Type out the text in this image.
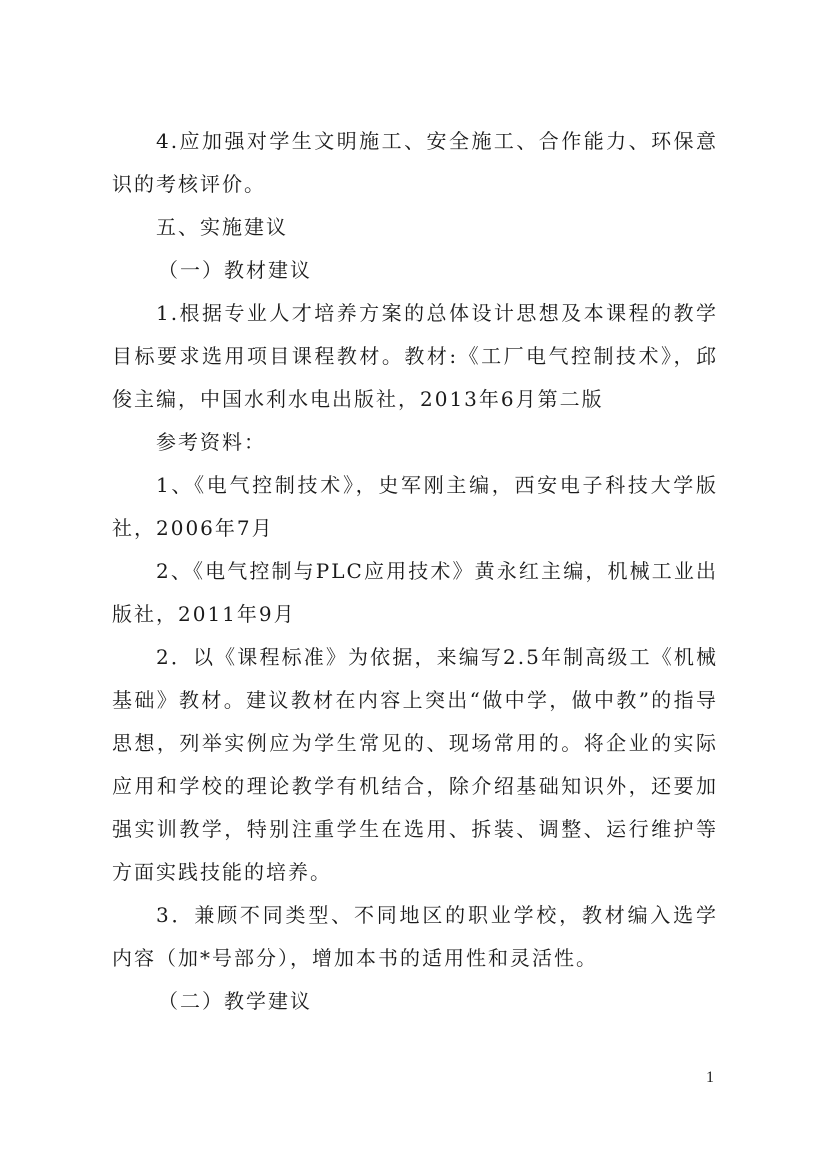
4.应加强对学生文明施工、安全施工、合作能力、环保意识的考核评价。

五、实施建议

（一）教材建议

1.根据专业人才培养方案的总体设计思想及本课程的教学目标要求选用项目课程教材。教材:《工厂电气控制技术》，邱俊主编，中国水利水电出版社，2013年6月第二版

参考资料：

1、《电气控制技术》，史军刚主编，西安电子科技大学版社，2006年7月

2、《电气控制与PLC应用技术》黄永红主编，机械工业出版社，2011年9月

2．以《课程标准》为依据，来编写2.5年制高级工《机械基础》教材。建议教材在内容上突出“做中学，做中教”的指导思想，列举实例应为学生常见的、现场常用的。将企业的实际应用和学校的理论教学有机结合，除介绍基础知识外，还要加强实训教学，特别注重学生在选用、拆装、调整、运行维护等方面实践技能的培养。

3．兼顾不同类型、不同地区的职业学校，教材编入选学内容（加*号部分），增加本书的适用性和灵活性。

（二）教学建议

1
